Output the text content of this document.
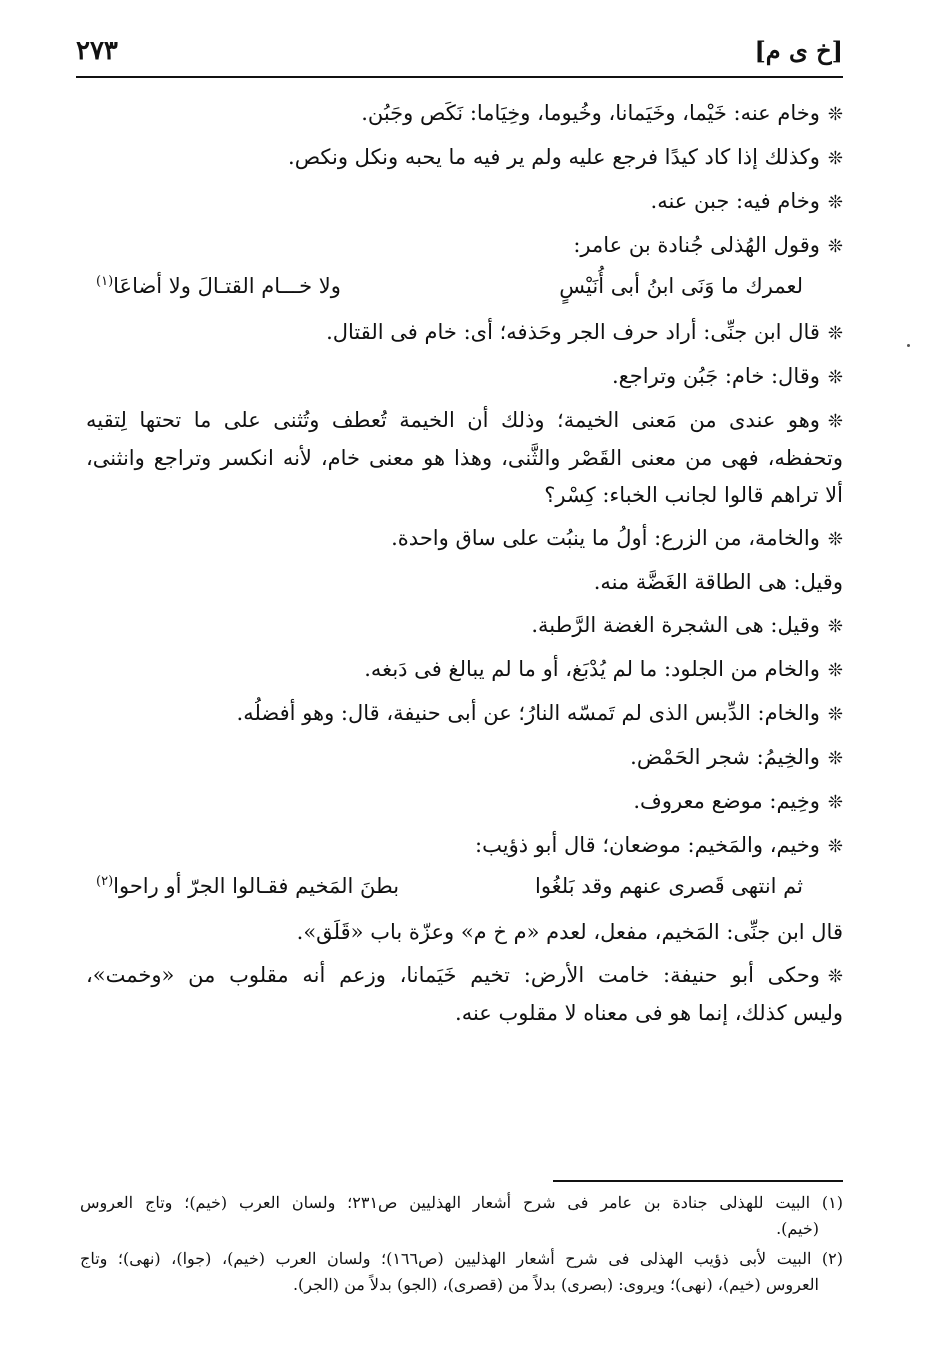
[خ ى م]
٢٧٣
❊وخام عنه: خَيْما، وخَيَمانا، وخُيوما، وخِيَاما: نَكَص وجَبُن.
❊وكذلك إذا كاد كيدًا فرجع عليه ولم ير فيه ما يحبه ونكل ونكص.
❊وخام فيه: جبن عنه.
❊وقول الهُذلى جُنادة بن عامر:
لعمرك ما وَنَى ابنُ أبى أُنَيْسٍ
ولا خـــام القتـالَ ولا أضاعَا$^{(١)}$
❊قال ابن جنِّى: أراد حرف الجر وحَذفه؛ أى: خام فى القتال.
❊وقال: خام: جَبُن وتراجع.
❊وهو عندى من مَعنى الخيمة؛ وذلك أن الخيمة تُعطف وتُثنى على ما تحتها لِتقيه
وتحفظه، فهى من معنى القَصْر والثَّنى، وهذا هو معنى خام، لأنه انكسر وتراجع وانثنى،
ألا تراهم قالوا لجانب الخباء: كِسْر؟
❊والخامة، من الزرع: أولُ ما ينبُت على ساق واحدة.
وقيل: هى الطاقة الغَضَّة منه.
❊وقيل: هى الشجرة الغضة الرَّطبة.
❊والخام من الجلود: ما لم يُدْبَغ، أو ما لم يبالغ فى دَبغه.
❊والخام: الدِّبس الذى لم تَمسّه النارُ؛ عن أبى حنيفة، قال: وهو أفضلُه.
❊والخِيمُ: شجر الحَمْض.
❊وخِيم: موضع معروف.
❊وخيم، والمَخيم: موضعان؛ قال أبو ذؤيب:
ثم انتهى قَصرى عنهم وقد بَلغُوا
بطنَ المَخيم فقـالوا الجرّ أو راحوا$^{(٢)}$
قال ابن جنِّى: المَخيم، مفعل، لعدم «م خ م» وعزّة باب «قَلَق».
❊وحكى أبو حنيفة: خامت الأرض: تخيم خَيَمانا، وزعم أنه مقلوب من «وخمت»،
وليس كذلك، إنما هو فى معناه لا مقلوب عنه.
(١) البيت للهذلى جنادة بن عامر فى شرح أشعار الهذليين ص٢٣١؛ ولسان العرب (خيم)؛ وتاج العروس
(خيم).
(٢) البيت لأبى ذؤيب الهذلى فى شرح أشعار الهذليين (ص١٦٦)؛ ولسان العرب (خيم)، (جوا)، (نهى)؛ وتاج
العروس (خيم)، (نهى)؛ ويروى: (بصرى) بدلاً من (قصرى)، (الجو) بدلاً من (الجر).
